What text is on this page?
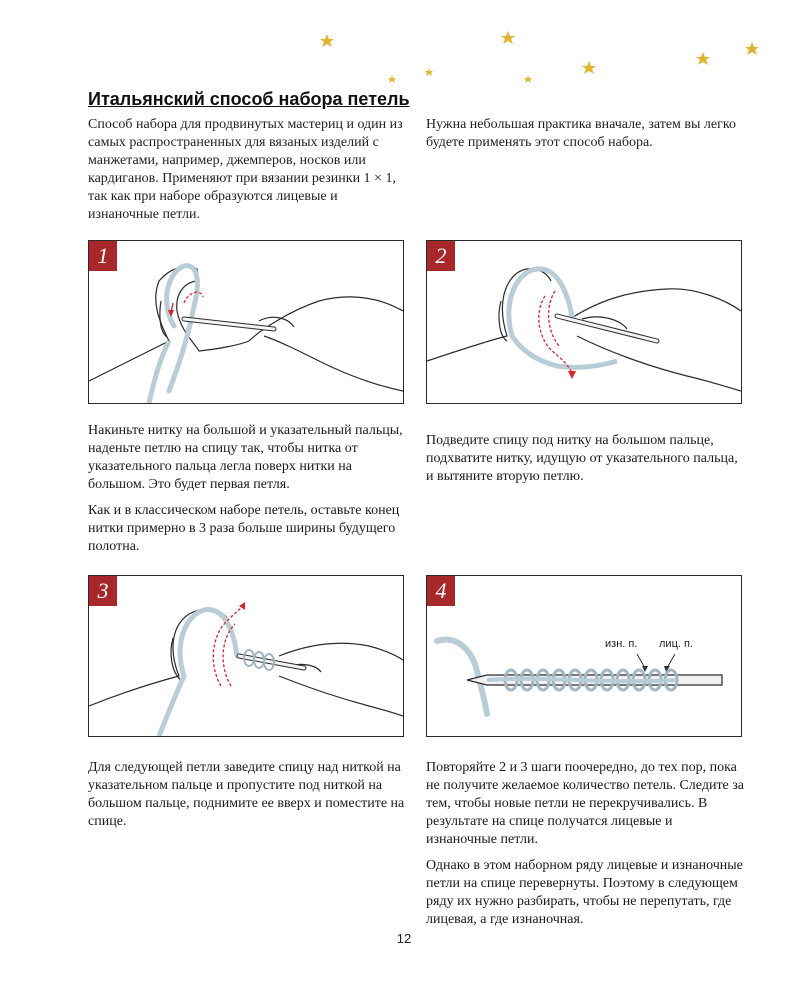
Итальянский способ набора петель

Способ набора для продвинутых мастериц и один из самых распространенных для вязаных изделий с манжетами, например, джемперов, носков или кардиганов. Применяют при вязании резинки 1 × 1, так как при наборе образуются лицевые и изнаночные петли.

Нужна небольшая практика вначале, затем вы легко будете применять этот способ набора.

1	2

Накиньте нитку на большой и указательный пальцы, наденьте петлю на спицу так, чтобы нитка от указательного пальца легла поверх нитки на большом. Это будет первая петля.

Как и в классическом наборе петель, оставьте конец нитки примерно в 3 раза больше ширины будущего полотна.

Подведите спицу под нитку на большом пальце, подхватите нитку, идущую от указательного пальца, и вытяните вторую петлю.

3	4
изн. п. лиц. п.

Для следующей петли заведите спицу над ниткой на указательном пальце и пропустите под ниткой на большом пальце, поднимите ее вверх и поместите на спице.

Повторяйте 2 и 3 шаги поочередно, до тех пор, пока не получите желаемое количество петель. Следите за тем, чтобы новые петли не перекручивались. В результате на спице получатся лицевые и изнаночные петли.

Однако в этом наборном ряду лицевые и изнаночные петли на спице перевернуты. Поэтому в следующем ряду их нужно разбирать, чтобы не перепутать, где лицевая, а где изнаночная.

12
